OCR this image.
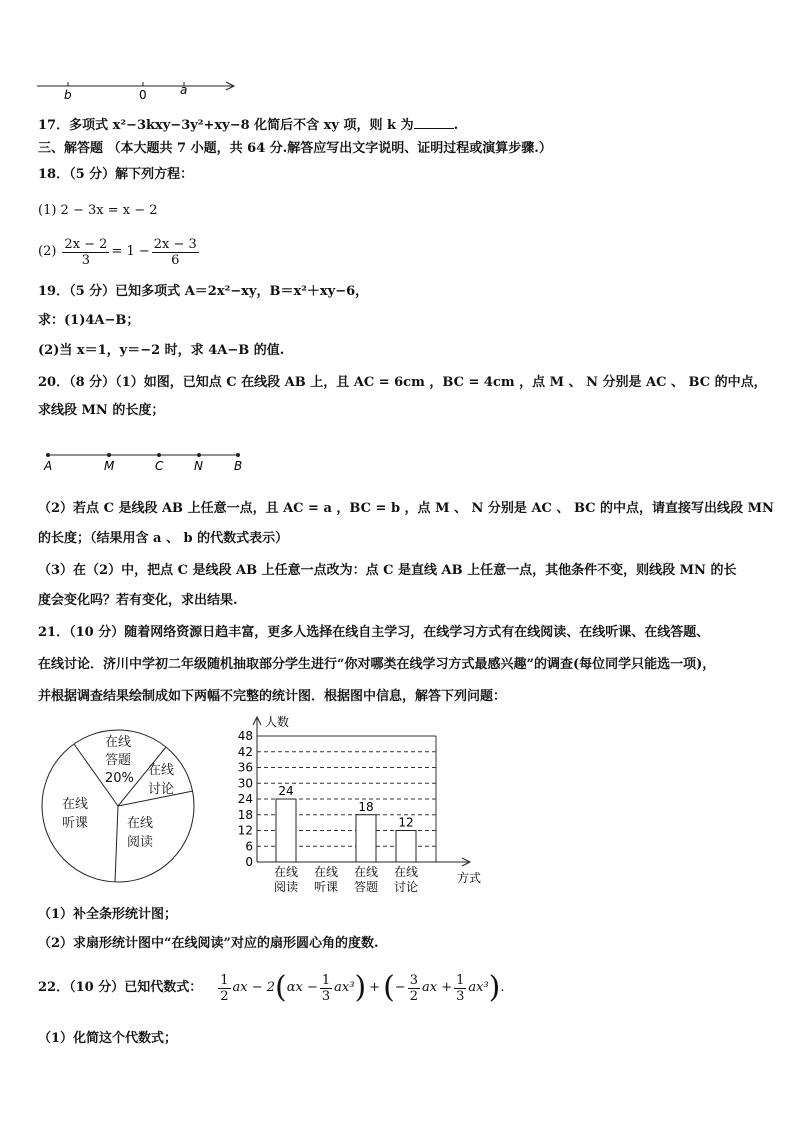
b	0	a
17．多项式 x²−3kxy−3y²+xy−8 化简后不含 xy 项，则 k 为	.
三、解答题 （本大题共 7 小题，共 64 分.解答应写出文字说明、证明过程或演算步骤.）
18．（5 分）解下列方程：
(1) 2 − 3x = x − 2
$(2) \frac{2x - 2}{3} = 1 - \frac{2x - 3}{6}$
19．（5 分）已知多项式 A＝2x²−xy，B＝x²＋xy−6，
求：(1)4A−B；
(2)当 x＝1，y＝−2 时，求 4A−B 的值.
20．（8 分）（1）如图，已知点 C 在线段 AB 上，且 AC = 6cm ，BC = 4cm ，点 M 、 N 分别是 AC 、 BC 的中点，
求线段 MN 的长度；
A	M	C	N	B
（2）若点 C 是线段 AB 上任意一点，且 AC = a ，BC = b ，点 M 、 N 分别是 AC 、 BC 的中点，请直接写出线段 MN
的长度；（结果用含 a 、 b 的代数式表示）
（3）在（2）中，把点 C 是线段 AB 上任意一点改为：点 C 是直线 AB 上任意一点，其他条件不变，则线段 MN 的长
度会变化吗？若有变化，求出结果.
21．（10 分）随着网络资源日趋丰富，更多人选择在线自主学习，在线学习方式有在线阅读、在线听课、在线答题、
在线讨论．济川中学初二年级随机抽取部分学生进行“你对哪类在线学习方式最感兴趣”的调查(每位同学只能选一项)，
并根据调查结果绘制成如下两幅不完整的统计图．根据图中信息，解答下列问题：
在线
答题
20%
在线
讨论
在线
阅读
在线
听课
0
6
12
18
24
30
36
42
48
24
18
12
在线
阅读
在线
听课
在线
答题
在线
讨论
人数
方式
（1）补全条形统计图；
（2）求扇形统计图中“在线阅读”对应的扇形圆心角的度数.
22．（10 分）已知代数式： $\frac{1}{2}$ ax − 2 ( $\alpha x - \frac{1}{3} ax^3$ ) + ( − $\frac{3}{2}$ ax + $\frac{1}{3} ax^3$ ) .
（1）化简这个代数式；
